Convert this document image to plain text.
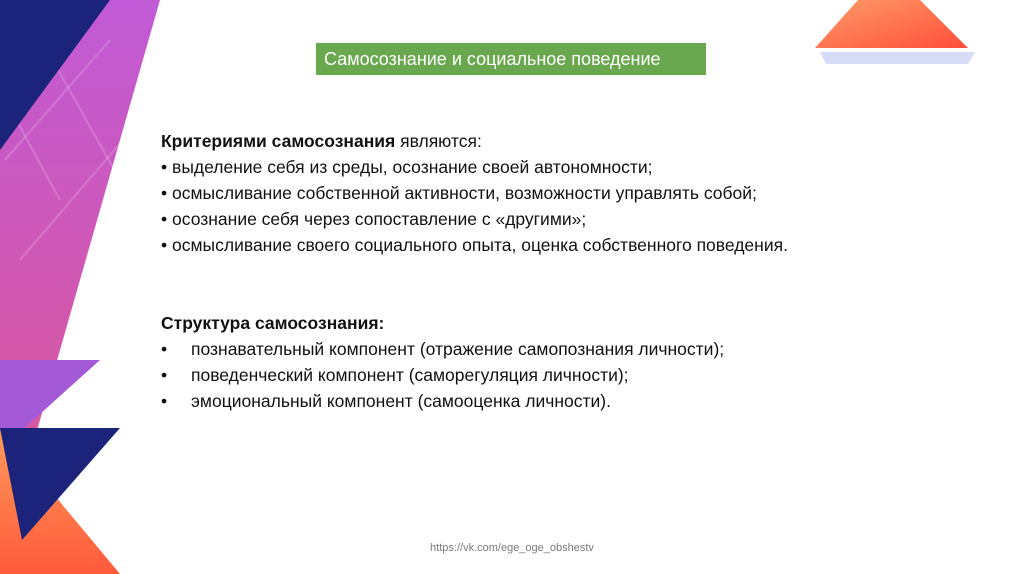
Самосознание и социальное поведение
Критериями самосознания являются:
• выделение себя из среды, осознание своей автономности;
• осмысливание собственной активности, возможности управлять собой;
• осознание себя через сопоставление с «другими»;
• осмысливание своего социального опыта, оценка собственного поведения.
Структура самосознания:
• познавательный компонент (отражение самопознания личности);
• поведенческий компонент (саморегуляция личности);
• эмоциональный компонент (самооценка личности).
https://vk.com/ege_oge_obshestv
